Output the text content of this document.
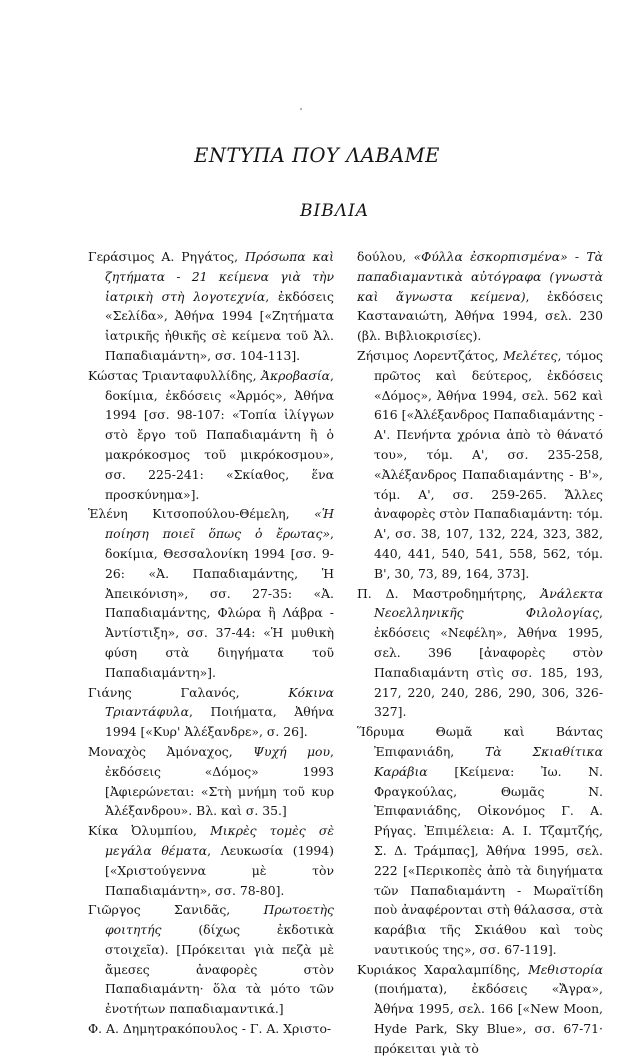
ΕΝΤΥΠΑ ΠΟΥ ΛΑΒΑΜΕ
ΒΙΒΛΙΑ

Γεράσιμος Α. Ρηγάτος, Πρόσωπα καὶ ζητήματα - 21 κείμενα γιὰ τὴν ἰατρικὴ στὴ λογοτεχνία, ἐκδόσεις «Σελίδα», Ἀθήνα 1994 [«Ζητήματα ἰατρικῆς ἠθικῆς σὲ κείμενα τοῦ Ἀλ. Παπαδιαμάντη», σσ. 104-113].

Κώστας Τριανταφυλλίδης, Ἀκροβασία, δοκίμια, ἐκδόσεις «Ἁρμός», Ἀθήνα 1994 [σσ. 98-107: «Τοπία ἰλίγγων στὸ ἔργο τοῦ Παπαδιαμάντη ἢ ὁ μακρόκοσμος τοῦ μικρόκοσμου», σσ. 225-241: «Σκίαθος, ἕνα προσκύνημα»].

Ἑλένη Κιτσοπούλου-Θέμελη, «Ἡ ποίηση ποιεῖ ὅπως ὁ ἔρωτας», δοκίμια, Θεσσαλονίκη 1994 [σσ. 9-26: «Ἀ. Παπαδιαμάντης, Ἡ Ἀπεικόνιση», σσ. 27-35: «Ἀ. Παπαδιαμάντης, Φλώρα ἢ Λάβρα - Ἀντίστιξη», σσ. 37-44: «Ἡ μυθικὴ φύση στὰ διηγήματα τοῦ Παπαδιαμάντη»].

Γιάνης Γαλανός, Κόκινα Τριαντάφυλα, Ποιήματα, Ἀθήνα 1994 [«Κυρ' Ἀλέξανδρε», σ. 26].

Μοναχὸς Ἀμόναχος, Ψυχή μου, ἐκδόσεις «Δόμος» 1993 [Ἀφιερώνεται: «Στὴ μνήμη τοῦ κυρ Ἀλέξανδρου». Βλ. καὶ σ. 35.]

Κίκα Ὀλυμπίου, Μικρὲς τομὲς σὲ μεγάλα θέματα, Λευκωσία (1994) [«Χριστούγεννα μὲ τὸν Παπαδιαμάντη», σσ. 78-80].

Γιῶργος Σανιδᾶς, Πρωτοετὴς φοιτητής (δίχως ἐκδοτικὰ στοιχεῖα). [Πρόκειται γιὰ πεζὰ μὲ ἄμεσες ἀναφορὲς στὸν Παπαδιαμάντη· ὅλα τὰ μότο τῶν ἐνοτήτων παπαδιαμαντικά.]

Φ. Α. Δημητρακόπουλος - Γ. Α. Χριστο-

δούλου, «Φύλλα ἐσκορπισμένα» - Τὰ παπαδιαμαντικὰ αὐτόγραφα (γνωστὰ καὶ ἄγνωστα κείμενα), ἐκδόσεις Κασταναιώτη, Ἀθήνα 1994, σελ. 230 (βλ. Βιβλιοκρισίες).

Ζήσιμος Λορεντζάτος, Μελέτες, τόμος πρῶτος καὶ δεύτερος, ἐκδόσεις «Δόμος», Ἀθήνα 1994, σελ. 562 καὶ 616 [«Ἀλέξανδρος Παπαδιαμάντης - Α'. Πενήντα χρόνια ἀπὸ τὸ θάνατό του», τόμ. Α', σσ. 235-258, «Ἀλέξανδρος Παπαδιαμάντης - Β'», τόμ. Α', σσ. 259-265. Ἄλλες ἀναφορὲς στὸν Παπαδιαμάντη: τόμ. Α', σσ. 38, 107, 132, 224, 323, 382, 440, 441, 540, 541, 558, 562, τόμ. Β', 30, 73, 89, 164, 373].

Π. Δ. Μαστροδημήτρης, Ἀνάλεκτα Νεοελληνικῆς Φιλολογίας, ἐκδόσεις «Νεφέλη», Ἀθήνα 1995, σελ. 396 [ἀναφορὲς στὸν Παπαδιαμάντη στὶς σσ. 185, 193, 217, 220, 240, 286, 290, 306, 326-327].

Ἵδρυμα Θωμᾶ καὶ Βάντας Ἐπιφανιάδη, Τὰ Σκιαθίτικα Καράβια [Κείμενα: Ἰω. Ν. Φραγκούλας, Θωμᾶς Ν. Ἐπιφανιάδης, Οἰκονόμος Γ. Α. Ρήγας. Ἐπιμέλεια: Α. Ι. Τζαμτζής, Σ. Δ. Τράμπας], Ἀθήνα 1995, σελ. 222 [«Περικοπὲς ἀπὸ τὰ διηγήματα τῶν Παπαδιαμάντη - Μωραϊτίδη ποὺ ἀναφέρονται στὴ θάλασσα, στὰ καράβια τῆς Σκιάθου καὶ τοὺς ναυτικούς της», σσ. 67-119].

Κυριάκος Χαραλαμπίδης, Μεθιστορία (ποιήματα), ἐκδόσεις «Ἄγρα», Ἀθήνα 1995, σελ. 166 [«New Moon, Hyde Park, Sky Blue», σσ. 67-71· πρόκειται γιὰ τὸ
